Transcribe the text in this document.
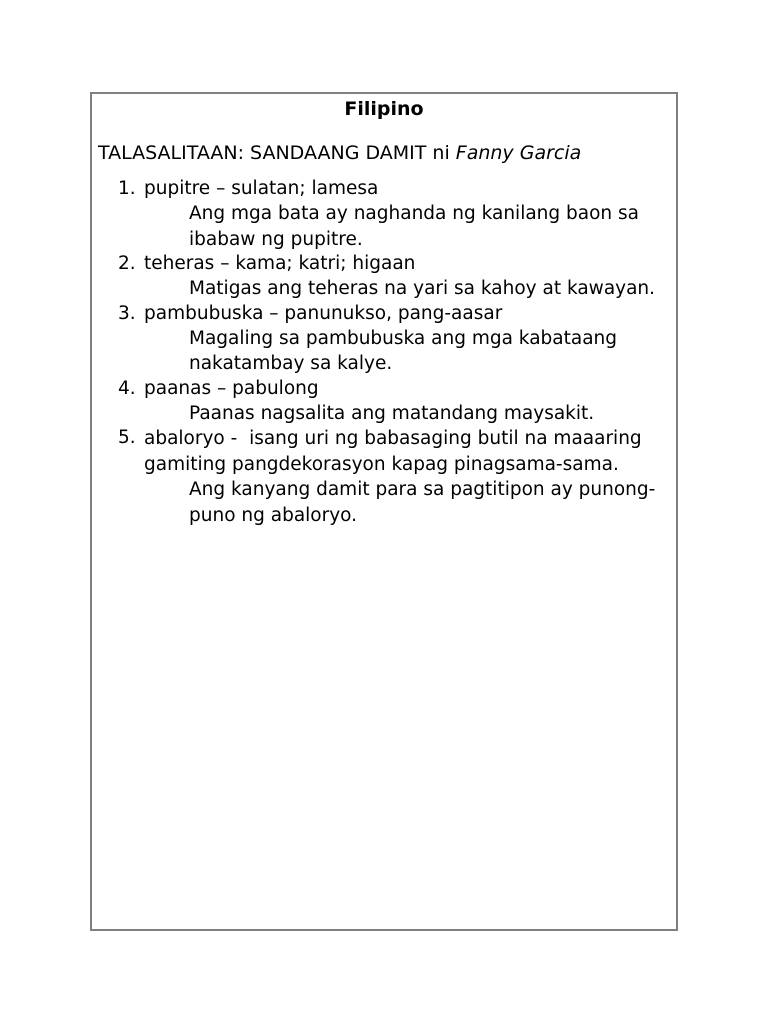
Filipino
TALASALITAAN: SANDAANG DAMIT ni Fanny Garcia
1. pupitre – sulatan; lamesa
Ang mga bata ay naghanda ng kanilang baon sa ibabaw ng pupitre.
2. teheras – kama; katri; higaan
Matigas ang teheras na yari sa kahoy at kawayan.
3. pambubuska – panunukso, pang-aasar
Magaling sa pambubuska ang mga kabataang nakatambay sa kalye.
4. paanas – pabulong
Paanas nagsalita ang matandang maysakit.
5. abaloryo -  isang uri ng babasaging butil na maaaring gamiting pangdekorasyon kapag pinagsama-sama.
Ang kanyang damit para sa pagtitipon ay punong-puno ng abaloryo.
